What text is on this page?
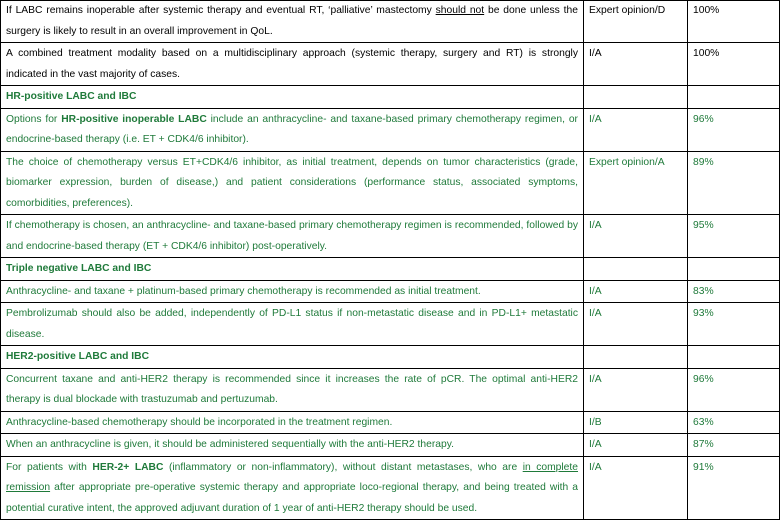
If LABC remains inoperable after systemic therapy and eventual RT, ‘palliative’ mastectomy should not be done unless the surgery is likely to result in an overall improvement in QoL.	Expert opinion/D	100%
A combined treatment modality based on a multidisciplinary approach (systemic therapy, surgery and RT) is strongly indicated in the vast majority of cases.	I/A	100%
HR-positive LABC and IBC		
Options for HR-positive inoperable LABC include an anthracycline- and taxane-based primary chemotherapy regimen, or endocrine-based therapy (i.e. ET + CDK4/6 inhibitor).	I/A	96%
The choice of chemotherapy versus ET+CDK4/6 inhibitor, as initial treatment, depends on tumor characteristics (grade, biomarker expression, burden of disease,) and patient considerations (performance status, associated symptoms, comorbidities, preferences).	Expert opinion/A	89%
If chemotherapy is chosen, an anthracycline- and taxane-based primary chemotherapy regimen is recommended, followed by and endocrine-based therapy (ET + CDK4/6 inhibitor) post-operatively.	I/A	95%
Triple negative LABC and IBC		
Anthracycline- and taxane + platinum-based primary chemotherapy is recommended as initial treatment.	I/A	83%
Pembrolizumab should also be added, independently of PD-L1 status if non-metastatic disease and in PD-L1+ metastatic disease.	I/A	93%
HER2-positive LABC and IBC		
Concurrent taxane and anti-HER2 therapy is recommended since it increases the rate of pCR. The optimal anti-HER2 therapy is dual blockade with trastuzumab and pertuzumab.	I/A	96%
Anthracycline-based chemotherapy should be incorporated in the treatment regimen.	I/B	63%
When an anthracycline is given, it should be administered sequentially with the anti-HER2 therapy.	I/A	87%
For patients with HER-2+ LABC (inflammatory or non-inflammatory), without distant metastases, who are in complete remission after appropriate pre-operative systemic therapy and appropriate loco-regional therapy, and being treated with a potential curative intent, the approved adjuvant duration of 1 year of anti-HER2 therapy should be used.	I/A	91%
